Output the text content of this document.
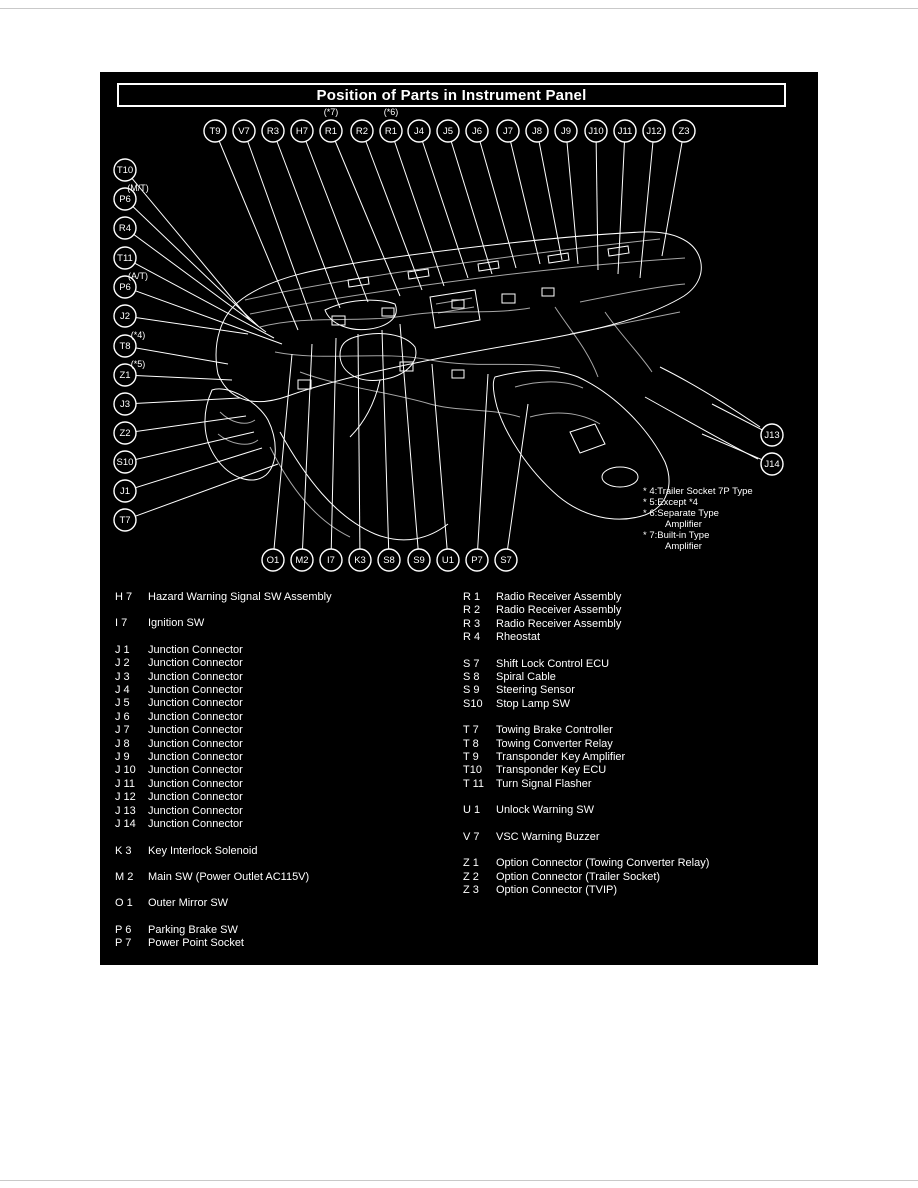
Position of Parts in Instrument Panel
T9 V7 R3 H7 R1
(*7)
R2 R1
(*6)
J4 J5 J6 J7 J8 J9 J10 J11 J12 Z3
T10
P6
(M/T)
R4
T11
P6
(A/T)
J2
T8
(*4)
Z1
(*5)
J3
Z2
S10
J1
T7
J13
J14
O1 M2 I7 K3 S8 S9 U1 P7 S7
* 4:Trailer Socket 7P Type
* 5:Except *4
* 6:Separate Type
Amplifier
* 7:Built-in Type
Amplifier
H 7	Hazard Warning Signal SW Assembly
I 7	Ignition SW
J 1	Junction Connector
J 2	Junction Connector
J 3	Junction Connector
J 4	Junction Connector
J 5	Junction Connector
J 6	Junction Connector
J 7	Junction Connector
J 8	Junction Connector
J 9	Junction Connector
J 10	Junction Connector
J 11	Junction Connector
J 12	Junction Connector
J 13	Junction Connector
J 14	Junction Connector
K 3	Key Interlock Solenoid
M 2	Main SW (Power Outlet AC115V)
O 1	Outer Mirror SW
P 6	Parking Brake SW
P 7	Power Point Socket
R 1	Radio Receiver Assembly
R 2	Radio Receiver Assembly
R 3	Radio Receiver Assembly
R 4	Rheostat
S 7	Shift Lock Control ECU
S 8	Spiral Cable
S 9	Steering Sensor
S10	Stop Lamp SW
T 7	Towing Brake Controller
T 8	Towing Converter Relay
T 9	Transponder Key Amplifier
T10	Transponder Key ECU
T 11	Turn Signal Flasher
U 1	Unlock Warning SW
V 7	VSC Warning Buzzer
Z 1	Option Connector (Towing Converter Relay)
Z 2	Option Connector (Trailer Socket)
Z 3	Option Connector (TVIP)
